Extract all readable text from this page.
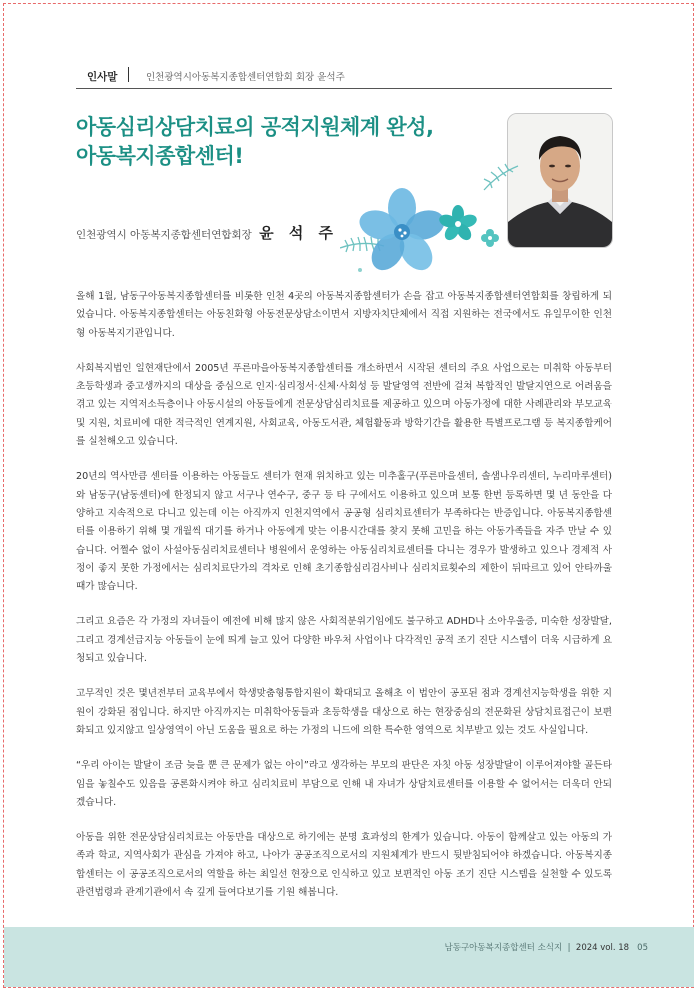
인사말	인천광역시아동복지종합센터연합회 회장 윤석주
아동심리상담치료의 공적지원체계 완성,
아동복지종합센터!
인천광역시 아동복지종합센터연합회장 윤 석 주

올해 1월, 남동구아동복지종합센터를 비롯한 인천 4곳의 아동복지종합센터가 손을 잡고 아동복지종합센터연합회를 창립하게 되었습니다. 아동복지종합센터는 아동친화형 아동전문상담소이면서 지방자치단체에서 직접 지원하는 전국에서도 유일무이한 인천형 아동복지기관입니다.

사회복지법인 일현재단에서 2005년 푸른마을아동복지종합센터를 개소하면서 시작된 센터의 주요 사업으로는 미취학 아동부터 초등학생과 중고생까지의 대상을 중심으로 인지·심리정서·신체·사회성 등 발달영역 전반에 걸쳐 복합적인 발달지연으로 어려움을 겪고 있는 지역저소득층이나 아동시설의 아동들에게 전문상담심리치료를 제공하고 있으며 아동가정에 대한 사례관리와 부모교육 및 지원, 치료비에 대한 적극적인 연계지원, 사회교육, 아동도서관, 체험활동과 방학기간을 활용한 특별프로그램 등 복지종합케어를 실천해오고 있습니다.

20년의 역사만큼 센터를 이용하는 아동들도 센터가 현재 위치하고 있는 미추홀구(푸른마을센터, 솔샘나우리센터, 누리마루센터)와 남동구(남동센터)에 한정되지 않고 서구나 연수구, 중구 등 타 구에서도 이용하고 있으며 보통 한번 등록하면 몇 년 동안을 다양하고 지속적으로 다니고 있는데 이는 아직까지 인천지역에서 공공형 심리치료센터가 부족하다는 반증입니다. 아동복지종합센터를 이용하기 위해 몇 개월씩 대기를 하거나 아동에게 맞는 이용시간대를 찾지 못해 고민을 하는 아동가족들을 자주 만날 수 있습니다. 어쩔수 없이 사설아동심리치료센터나 병원에서 운영하는 아동심리치료센터를 다니는 경우가 발생하고 있으나 경제적 사정이 좋지 못한 가정에서는 심리치료단가의 격차로 인해 초기종합심리검사비나 심리치료횟수의 제한이 뒤따르고 있어 안타까울 때가 많습니다.

그리고 요즘은 각 가정의 자녀들이 예전에 비해 많지 않은 사회적분위기임에도 불구하고 ADHD나 소아우울증, 미숙한 성장발달, 그리고 경계선급지능 아동들이 눈에 띄게 늘고 있어 다양한 바우처 사업이나 다각적인 공적 조기 진단 시스템이 더욱 시급하게 요청되고 있습니다.

고무적인 것은 몇년전부터 교육부에서 학생맞춤형통합지원이 확대되고 올해초 이 법안이 공포된 점과 경계선지능학생을 위한 지원이 강화된 점입니다. 하지만 아직까지는 미취학아동들과 초등학생을 대상으로 하는 현장중심의 전문화된 상담치료접근이 보편화되고 있지않고 일상영역이 아닌 도움을 필요로 하는 가정의 니드에 의한 특수한 영역으로 치부받고 있는 것도 사실입니다.

“우리 아이는 발달이 조금 늦을 뿐 큰 문제가 없는 아이”라고 생각하는 부모의 판단은 자칫 아동 성장발달이 이루어져야할 골든타임을 놓칠수도 있음을 공론화시켜야 하고 심리치료비 부담으로 인해 내 자녀가 상담치료센터를 이용할 수 없어서는 더욱더 안되겠습니다.

아동을 위한 전문상담심리치료는 아동만을 대상으로 하기에는 분명 효과성의 한계가 있습니다. 아동이 함께살고 있는 아동의 가족과 학교, 지역사회가 관심을 가져야 하고, 나아가 공공조직으로서의 지원체계가 반드시 뒷받침되어야 하겠습니다. 아동복지종합센터는 이 공공조직으로서의 역할을 하는 최일선 현장으로 인식하고 있고 보편적인 아동 조기 진단 시스템을 실천할 수 있도록 관련법령과 관계기관에서 속 깊게 들여다보기를 기원 해봅니다.

남동구아동복지종합센터 소식지 | 2024 vol. 18 05
